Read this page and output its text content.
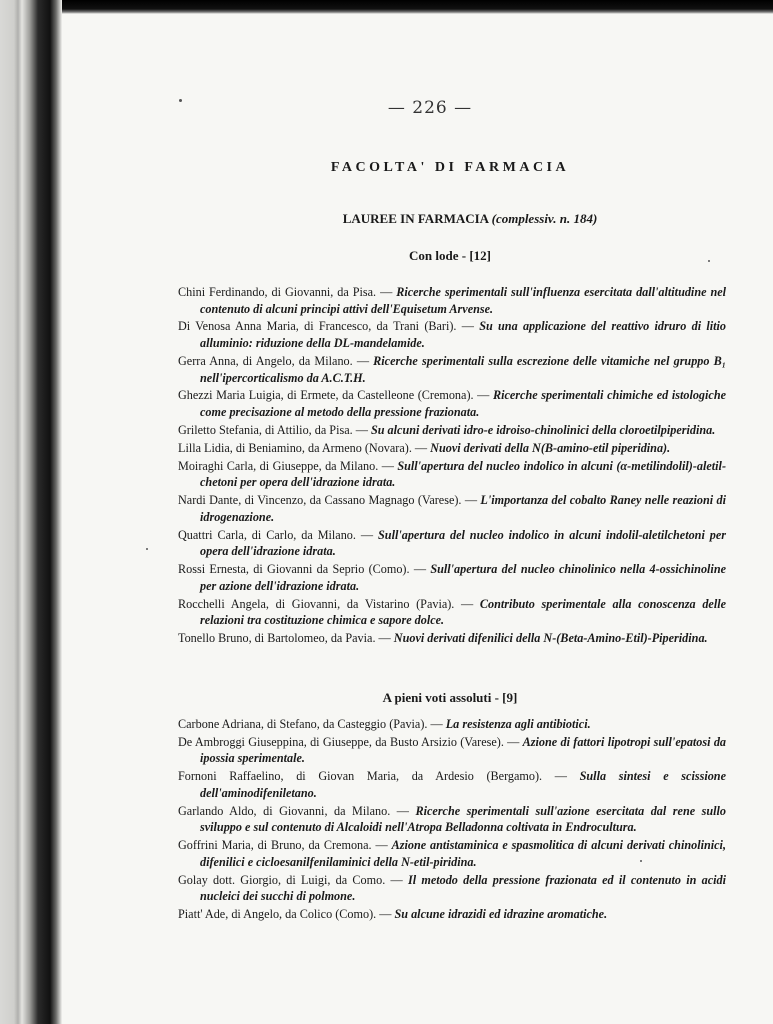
— 226 —
FACOLTA' DI FARMACIA
LAUREE IN FARMACIA (complessiv. n. 184)
Con lode - [12]

Chini Ferdinando, di Giovanni, da Pisa. — Ricerche sperimentali sull'influenza esercitata dall'altitudine nel contenuto di alcuni principi attivi dell'Equisetum Arvense.

Di Venosa Anna Maria, di Francesco, da Trani (Bari). — Su una applicazione del reattivo idruro di litio alluminio: riduzione della DL-mandelamide.

Gerra Anna, di Angelo, da Milano. — Ricerche sperimentali sulla escrezione delle vitamiche nel gruppo B₁ nell'ipercorticalismo da A.C.T.H.

Ghezzi Maria Luigia, di Ermete, da Castelleone (Cremona). — Ricerche sperimentali chimiche ed istologiche come precisazione al metodo della pressione frazionata.

Griletto Stefania, di Attilio, da Pisa. — Su alcuni derivati idro-e idroiso-chinolinici della cloroetilpiperidina.

Lilla Lidia, di Beniamino, da Armeno (Novara). — Nuovi derivati della N(B-amino-etil piperidina).

Moiraghi Carla, di Giuseppe, da Milano. — Sull'apertura del nucleo indolico in alcuni (α-metilindolil)-aletil-chetoni per opera dell'idrazione idrata.

Nardi Dante, di Vincenzo, da Cassano Magnago (Varese). — L'importanza del cobalto Raney nelle reazioni di idrogenazione.

Quattri Carla, di Carlo, da Milano. — Sull'apertura del nucleo indolico in alcuni indolil-aletilchetoni per opera dell'idrazione idrata.

Rossi Ernesta, di Giovanni da Seprio (Como). — Sull'apertura del nucleo chinolinico nella 4-ossichinoline per azione dell'idrazione idrata.

Rocchelli Angela, di Giovanni, da Vistarino (Pavia). — Contributo sperimentale alla conoscenza delle relazioni tra costituzione chimica e sapore dolce.

Tonello Bruno, di Bartolomeo, da Pavia. — Nuovi derivati difenilici della N-(Beta-Amino-Etil)-Piperidina.

A pieni voti assoluti - [9]

Carbone Adriana, di Stefano, da Casteggio (Pavia). — La resistenza agli antibiotici.

De Ambroggi Giuseppina, di Giuseppe, da Busto Arsizio (Varese). — Azione di fattori lipotropi sull'epatosi da ipossia sperimentale.

Fornoni Raffaelino, di Giovan Maria, da Ardesio (Bergamo). — Sulla sintesi e scissione dell'aminodifeniletano.

Garlando Aldo, di Giovanni, da Milano. — Ricerche sperimentali sull'azione esercitata dal rene sullo sviluppo e sul contenuto di Alcaloidi nell'Atropa Belladonna coltivata in Endrocultura.

Goffrini Maria, di Bruno, da Cremona. — Azione antistaminica e spasmolitica di alcuni derivati chinolinici, difenilici e cicloesanilfenilaminici della N-etil-piridina.

Golay dott. Giorgio, di Luigi, da Como. — Il metodo della pressione frazionata ed il contenuto in acidi nucleici dei succhi di polmone.

Piatt' Ade, di Angelo, da Colico (Como). — Su alcune idrazidi ed idrazine aromatiche.
